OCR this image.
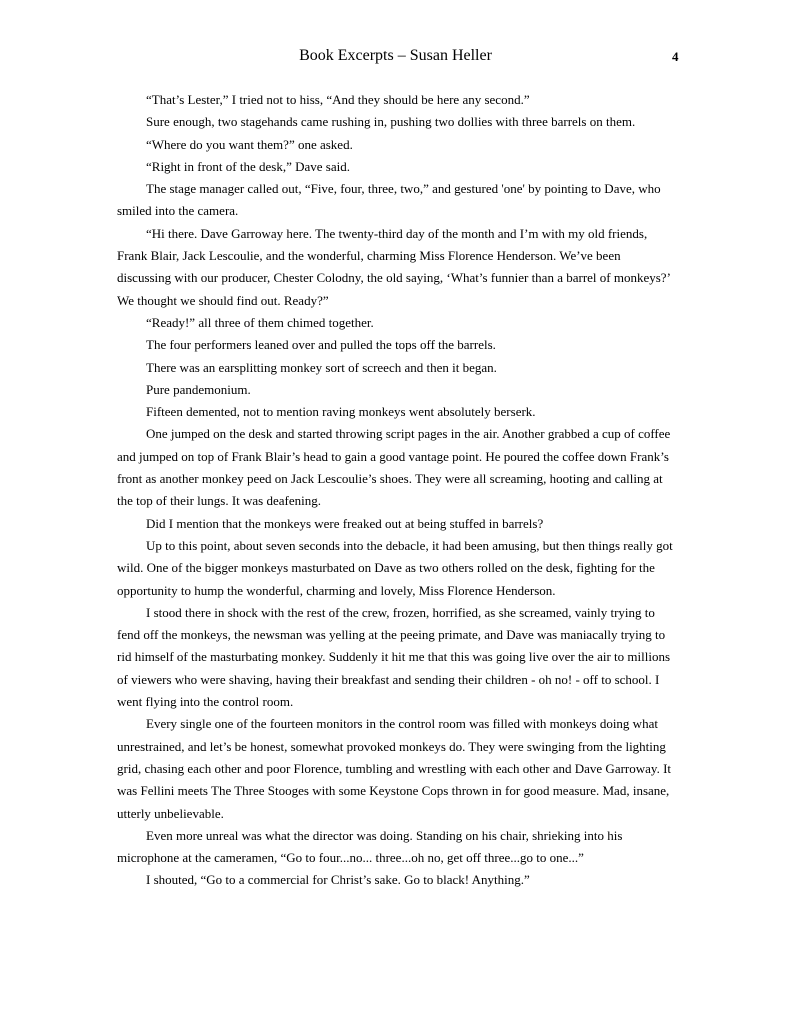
Book Excerpts – Susan Heller	4

“That’s Lester,” I tried not to hiss, “And they should be here any second.”

Sure enough, two stagehands came rushing in, pushing two dollies with three barrels on them.

“Where do you want them?” one asked.

“Right in front of the desk,” Dave said.

The stage manager called out, “Five, four, three, two,” and gestured 'one' by pointing to Dave, who smiled into the camera.

“Hi there. Dave Garroway here. The twenty-third day of the month and I’m with my old friends, Frank Blair, Jack Lescoulie, and the wonderful, charming Miss Florence Henderson. We’ve been discussing with our producer, Chester Colodny, the old saying, ‘What’s funnier than a barrel of monkeys?’ We thought we should find out. Ready?”

“Ready!” all three of them chimed together.

The four performers leaned over and pulled the tops off the barrels.

There was an earsplitting monkey sort of screech and then it began.

Pure pandemonium.

Fifteen demented, not to mention raving monkeys went absolutely berserk.

One jumped on the desk and started throwing script pages in the air. Another grabbed a cup of coffee and jumped on top of Frank Blair’s head to gain a good vantage point. He poured the coffee down Frank’s front as another monkey peed on Jack Lescoulie’s shoes. They were all screaming, hooting and calling at the top of their lungs. It was deafening.

Did I mention that the monkeys were freaked out at being stuffed in barrels?

Up to this point, about seven seconds into the debacle, it had been amusing, but then things really got wild. One of the bigger monkeys masturbated on Dave as two others rolled on the desk, fighting for the opportunity to hump the wonderful, charming and lovely, Miss Florence Henderson.

I stood there in shock with the rest of the crew, frozen, horrified, as she screamed, vainly trying to fend off the monkeys, the newsman was yelling at the peeing primate, and Dave was maniacally trying to rid himself of the masturbating monkey. Suddenly it hit me that this was going live over the air to millions of viewers who were shaving, having their breakfast and sending their children - oh no! - off to school. I went flying into the control room.

Every single one of the fourteen monitors in the control room was filled with monkeys doing what unrestrained, and let’s be honest, somewhat provoked monkeys do. They were swinging from the lighting grid, chasing each other and poor Florence, tumbling and wrestling with each other and Dave Garroway. It was Fellini meets The Three Stooges with some Keystone Cops thrown in for good measure. Mad, insane, utterly unbelievable.

Even more unreal was what the director was doing. Standing on his chair, shrieking into his microphone at the cameramen, “Go to four...no... three...oh no, get off three...go to one...”

I shouted, “Go to a commercial for Christ’s sake. Go to black! Anything.”
